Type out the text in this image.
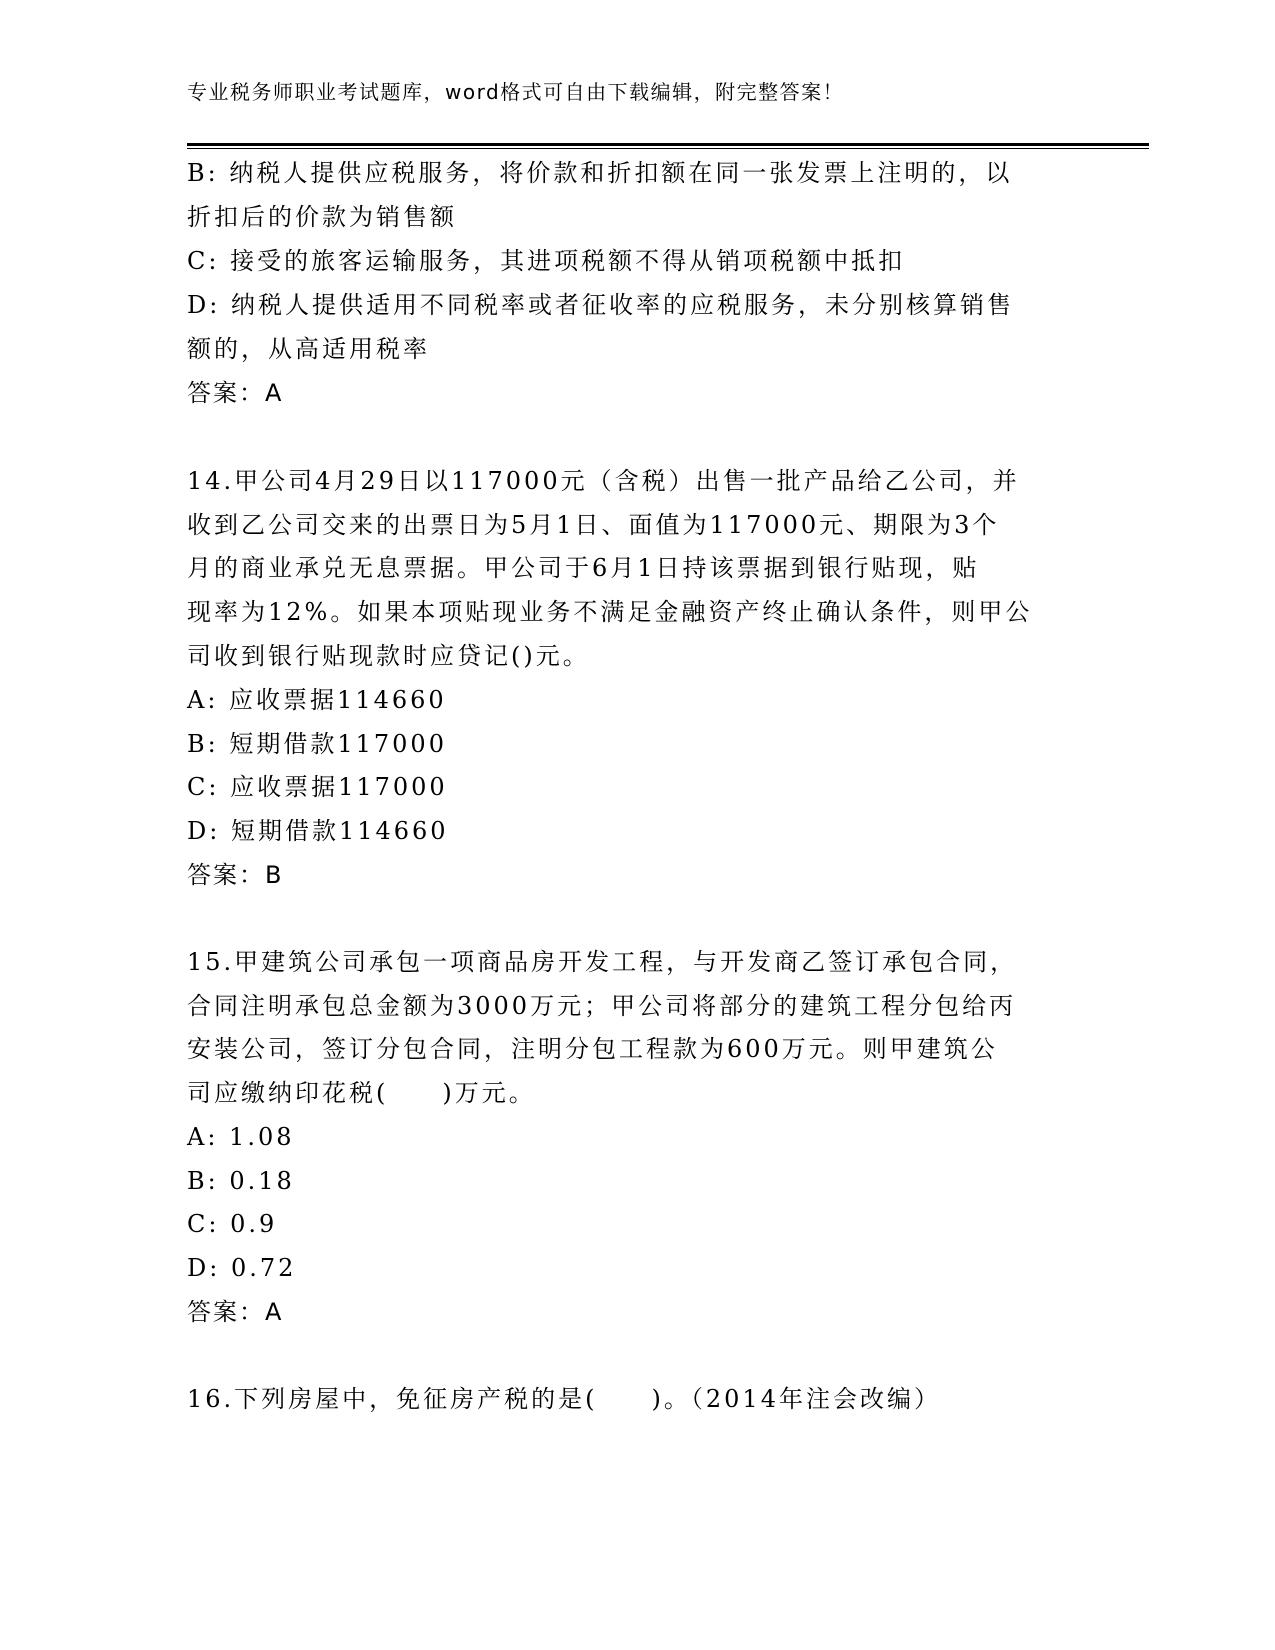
专业税务师职业考试题库，word格式可自由下载编辑，附完整答案！
B: 纳税人提供应税服务，将价款和折扣额在同一张发票上注明的，以
折扣后的价款为销售额
C: 接受的旅客运输服务，其进项税额不得从销项税额中抵扣
D: 纳税人提供适用不同税率或者征收率的应税服务，未分别核算销售
额的，从高适用税率
答案：A
14.甲公司4月29日以117000元（含税）出售一批产品给乙公司，并
收到乙公司交来的出票日为5月1日、面值为117000元、期限为3个
月的商业承兑无息票据。甲公司于6月1日持该票据到银行贴现，贴
现率为12%。如果本项贴现业务不满足金融资产终止确认条件，则甲公
司收到银行贴现款时应贷记()元。
A: 应收票据114660
B: 短期借款117000
C: 应收票据117000
D: 短期借款114660
答案：B
15.甲建筑公司承包一项商品房开发工程，与开发商乙签订承包合同，
合同注明承包总金额为3000万元；甲公司将部分的建筑工程分包给丙
安装公司，签订分包合同，注明分包工程款为600万元。则甲建筑公
司应缴纳印花税(　　)万元。
A: 1.08
B: 0.18
C: 0.9
D: 0.72
答案：A
16.下列房屋中，免征房产税的是(　　)。（2014年注会改编）
